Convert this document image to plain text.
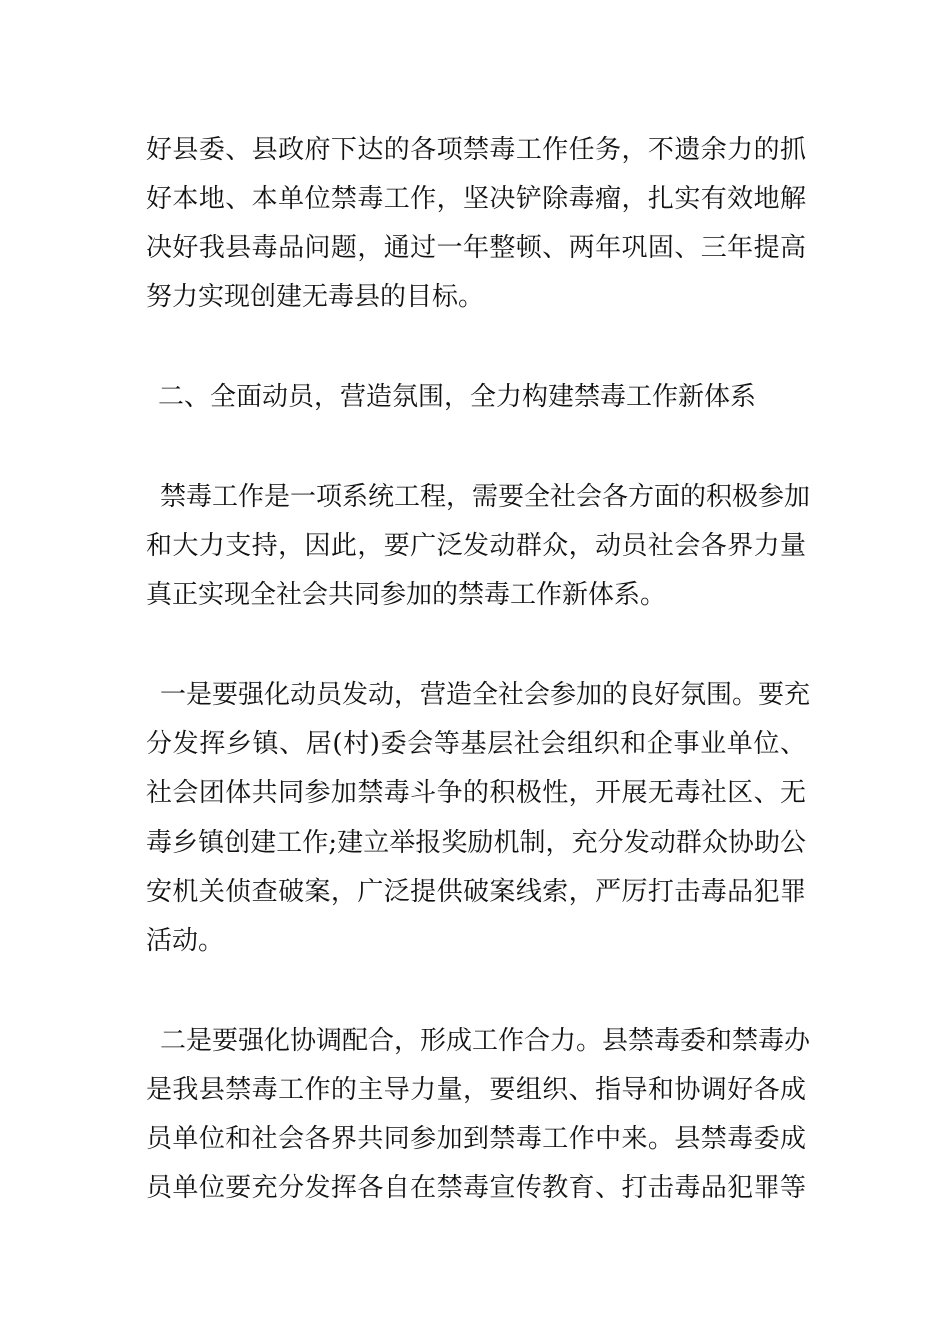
好县委、县政府下达的各项禁毒工作任务，不遗余力的抓
好本地、本单位禁毒工作，坚决铲除毒瘤，扎实有效地解
决好我县毒品问题，通过一年整顿、两年巩固、三年提高
努力实现创建无毒县的目标。
二、全面动员，营造氛围，全力构建禁毒工作新体系
禁毒工作是一项系统工程，需要全社会各方面的积极参加
和大力支持，因此，要广泛发动群众，动员社会各界力量
真正实现全社会共同参加的禁毒工作新体系。
一是要强化动员发动，营造全社会参加的良好氛围。要充
分发挥乡镇、居(村)委会等基层社会组织和企事业单位、
社会团体共同参加禁毒斗争的积极性，开展无毒社区、无
毒乡镇创建工作;建立举报奖励机制，充分发动群众协助公
安机关侦查破案，广泛提供破案线索，严厉打击毒品犯罪
活动。
二是要强化协调配合，形成工作合力。县禁毒委和禁毒办
是我县禁毒工作的主导力量，要组织、指导和协调好各成
员单位和社会各界共同参加到禁毒工作中来。县禁毒委成
员单位要充分发挥各自在禁毒宣传教育、打击毒品犯罪等
